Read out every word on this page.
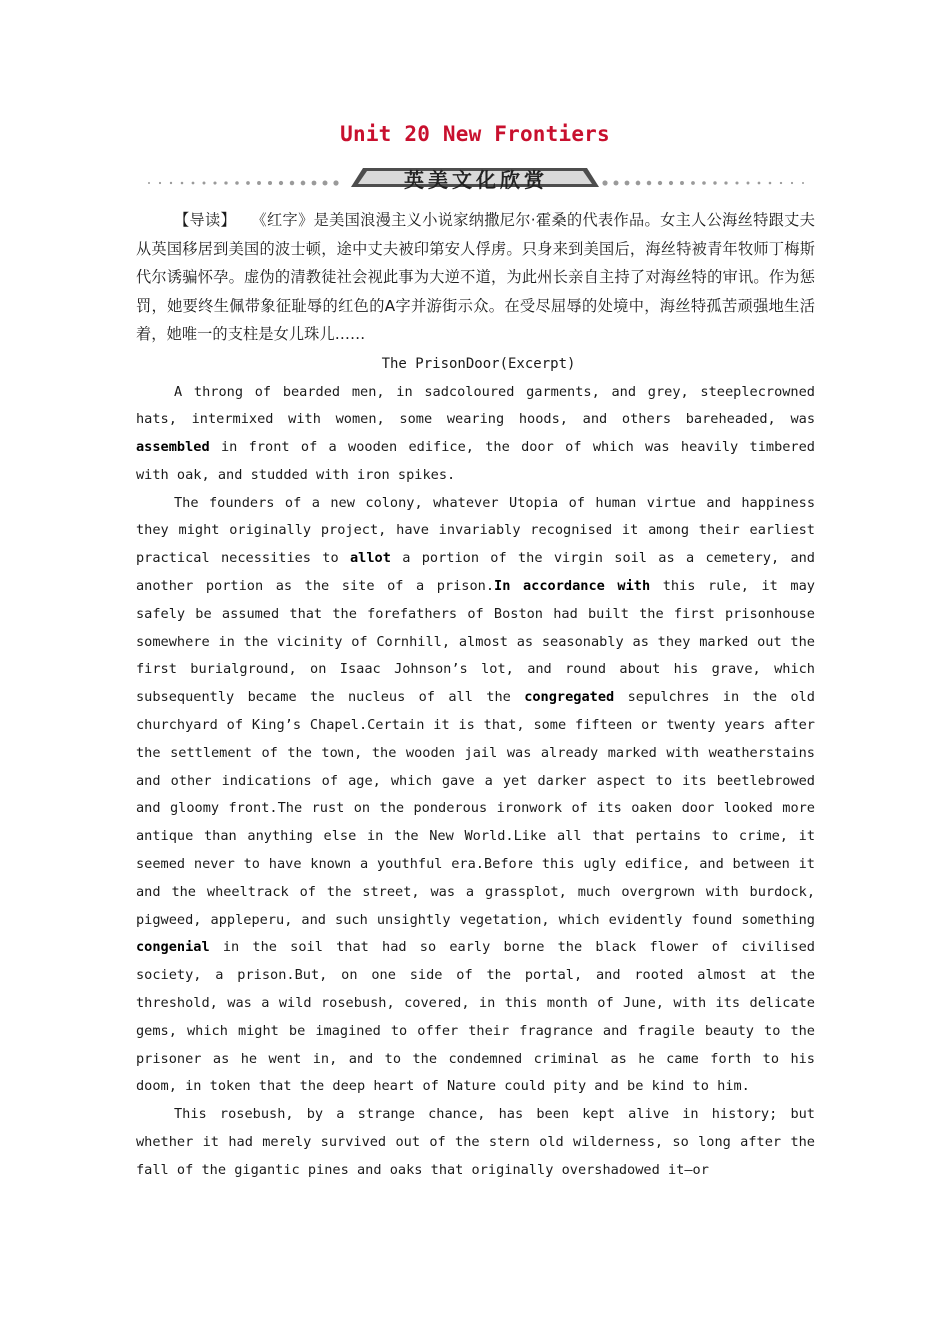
Unit 20 New Frontiers
英美文化欣赏

【导读】 《红字》是美国浪漫主义小说家纳撒尼尔·霍桑的代表作品。女主人公海丝特跟丈夫从英国移居到美国的波士顿，途中丈夫被印第安人俘虏。只身来到美国后，海丝特被青年牧师丁梅斯代尔诱骗怀孕。虚伪的清教徒社会视此事为大逆不道，为此州长亲自主持了对海丝特的审讯。作为惩罚，她要终生佩带象征耻辱的红色的A字并游街示众。在受尽屈辱的处境中，海丝特孤苦顽强地生活着，她唯一的支柱是女儿珠儿……

The PrisonDoor(Excerpt)

A throng of bearded men, in sadcoloured garments, and grey, steeplecrowned hats, intermixed with women, some wearing hoods, and others bareheaded, was assembled in front of a wooden edifice, the door of which was heavily timbered with oak, and studded with iron spikes.

The founders of a new colony, whatever Utopia of human virtue and happiness they might originally project, have invariably recognised it among their earliest practical necessities to allot a portion of the virgin soil as a cemetery, and another portion as the site of a prison.In accordance with this rule, it may safely be assumed that the forefathers of Boston had built the first prisonhouse somewhere in the vicinity of Cornhill, almost as seasonably as they marked out the first burialground, on Isaac Johnson’s lot, and round about his grave, which subsequently became the nucleus of all the congregated sepulchres in the old churchyard of King’s Chapel.Certain it is that, some fifteen or twenty years after the settlement of the town, the wooden jail was already marked with weatherstains and other indications of age, which gave a yet darker aspect to its beetlebrowed and gloomy front.The rust on the ponderous ironwork of its oaken door looked more antique than anything else in the New World.Like all that pertains to crime, it seemed never to have known a youthful era.Before this ugly edifice, and between it and the wheeltrack of the street, was a grassplot, much overgrown with burdock, pigweed, appleperu, and such unsightly vegetation, which evidently found something congenial in the soil that had so early borne the black flower of civilised society, a prison.But, on one side of the portal, and rooted almost at the threshold, was a wild rosebush, covered, in this month of June, with its delicate gems, which might be imagined to offer their fragrance and fragile beauty to the prisoner as he went in, and to the condemned criminal as he came forth to his doom, in token that the deep heart of Nature could pity and be kind to him.

This rosebush, by a strange chance, has been kept alive in history; but whether it had merely survived out of the stern old wilderness, so long after the fall of the gigantic pines and oaks that originally overshadowed it—or
